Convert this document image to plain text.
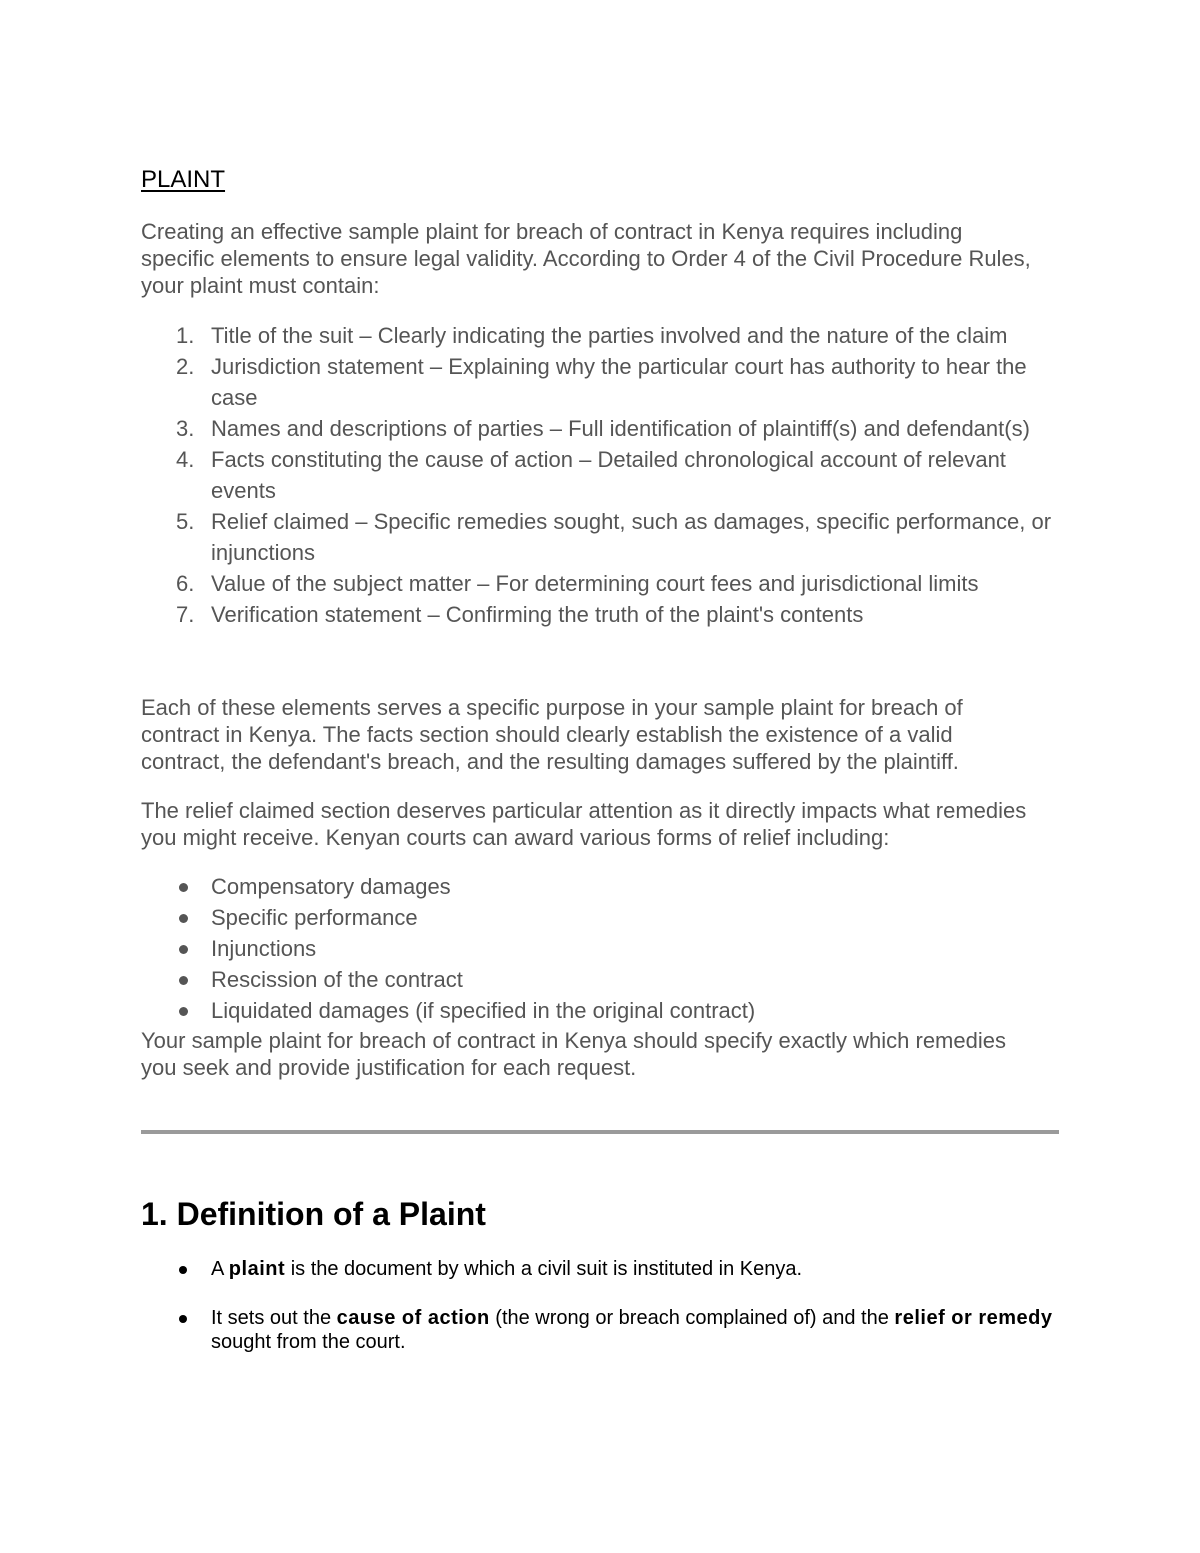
PLAINT

Creating an effective sample plaint for breach of contract in Kenya requires including specific elements to ensure legal validity. According to Order 4 of the Civil Procedure Rules, your plaint must contain:

1. Title of the suit – Clearly indicating the parties involved and the nature of the claim
2. Jurisdiction statement – Explaining why the particular court has authority to hear the case
3. Names and descriptions of parties – Full identification of plaintiff(s) and defendant(s)
4. Facts constituting the cause of action – Detailed chronological account of relevant events
5. Relief claimed – Specific remedies sought, such as damages, specific performance, or injunctions
6. Value of the subject matter – For determining court fees and jurisdictional limits
7. Verification statement – Confirming the truth of the plaint's contents

Each of these elements serves a specific purpose in your sample plaint for breach of contract in Kenya. The facts section should clearly establish the existence of a valid contract, the defendant's breach, and the resulting damages suffered by the plaintiff.

The relief claimed section deserves particular attention as it directly impacts what remedies you might receive. Kenyan courts can award various forms of relief including:

Compensatory damages
Specific performance
Injunctions
Rescission of the contract
Liquidated damages (if specified in the original contract)

Your sample plaint for breach of contract in Kenya should specify exactly which remedies you seek and provide justification for each request.

1. Definition of a Plaint
A plaint is the document by which a civil suit is instituted in Kenya.
It sets out the cause of action (the wrong or breach complained of) and the relief or remedy sought from the court.
